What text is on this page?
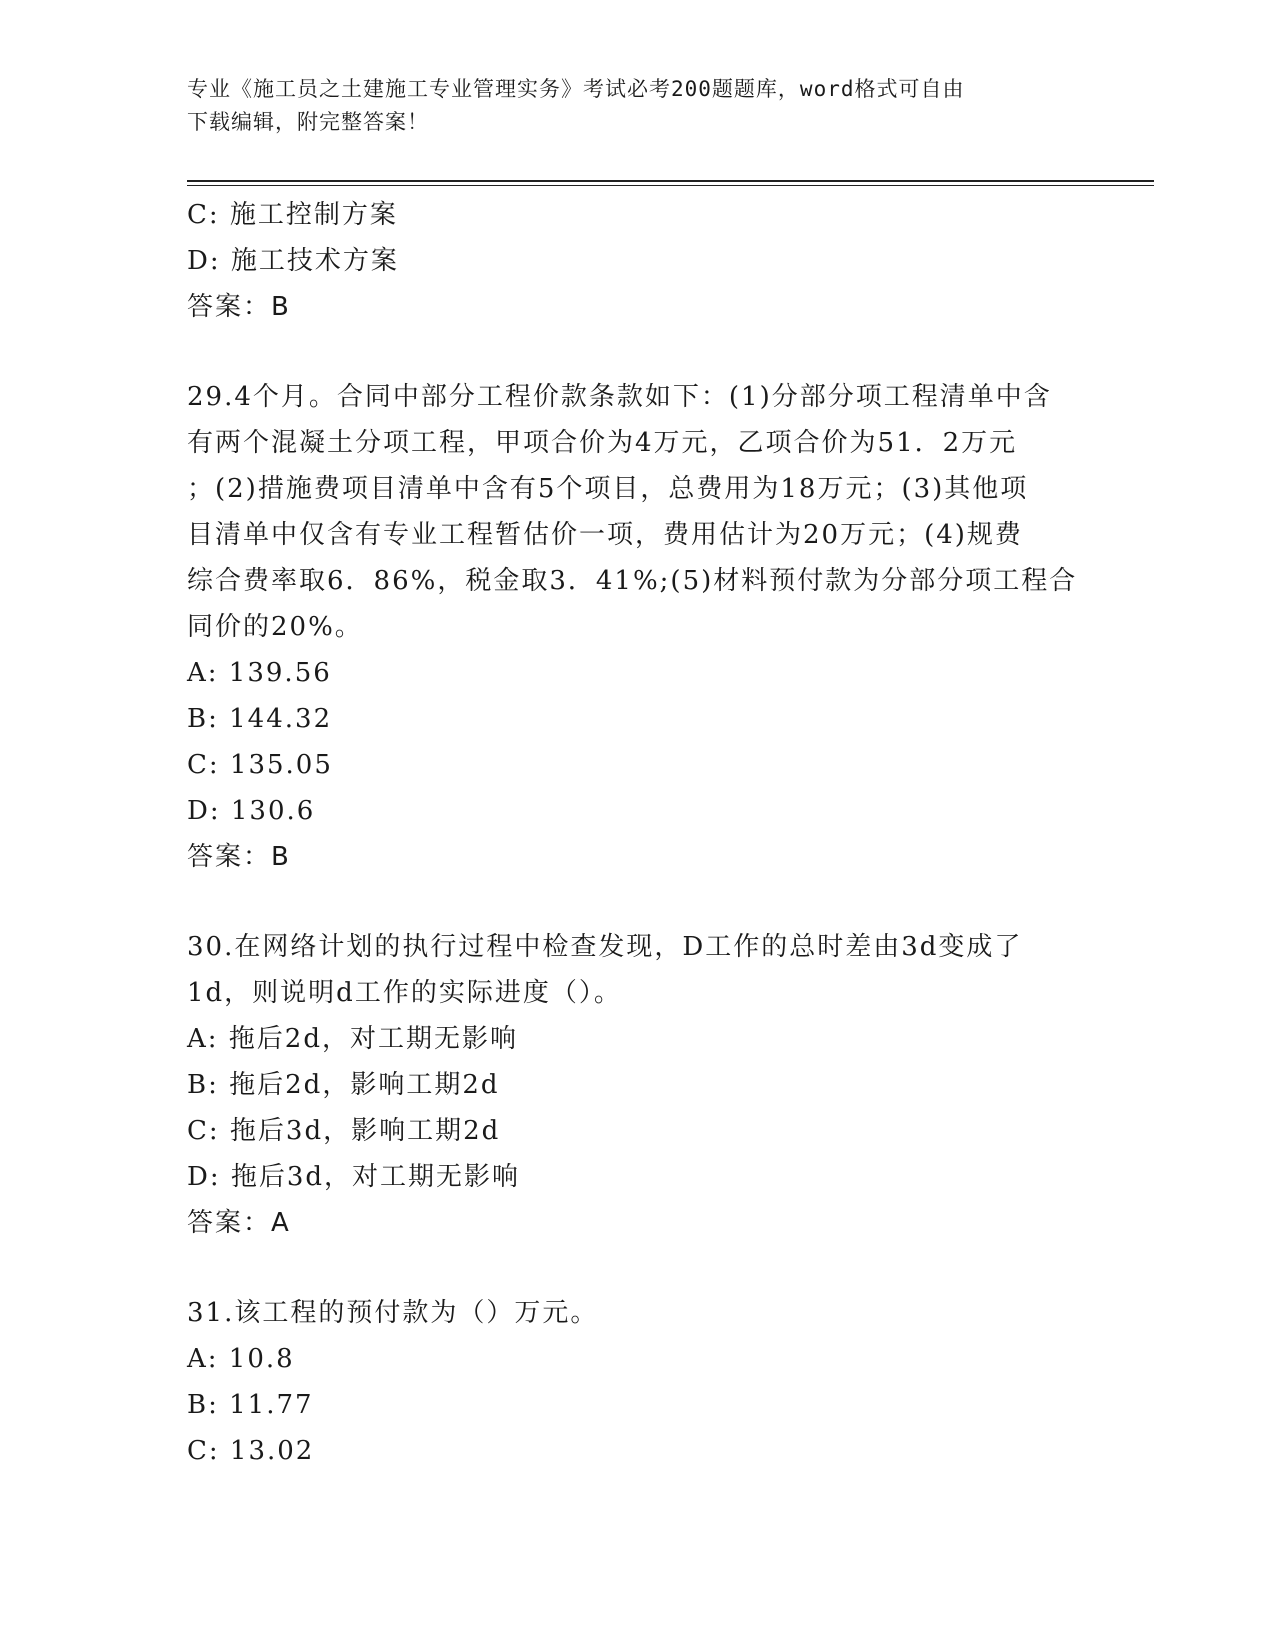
专业《施工员之土建施工专业管理实务》考试必考200题题库，word格式可自由
下载编辑，附完整答案！
C: 施工控制方案
D: 施工技术方案
答案：B
29.4个月。合同中部分工程价款条款如下：(1)分部分项工程清单中含
有两个混凝土分项工程，甲项合价为4万元，乙项合价为51．2万元
；(2)措施费项目清单中含有5个项目，总费用为18万元；(3)其他项
目清单中仅含有专业工程暂估价一项，费用估计为20万元；(4)规费
综合费率取6．86%，税金取3．41%;(5)材料预付款为分部分项工程合
同价的20%。
A: 139.56
B: 144.32
C: 135.05
D: 130.6
答案：B
30.在网络计划的执行过程中检查发现，D工作的总时差由3d变成了
1d，则说明d工作的实际进度（）。
A: 拖后2d，对工期无影响
B: 拖后2d，影响工期2d
C: 拖后3d，影响工期2d
D: 拖后3d，对工期无影响
答案：A
31.该工程的预付款为（）万元。
A: 10.8
B: 11.77
C: 13.02
